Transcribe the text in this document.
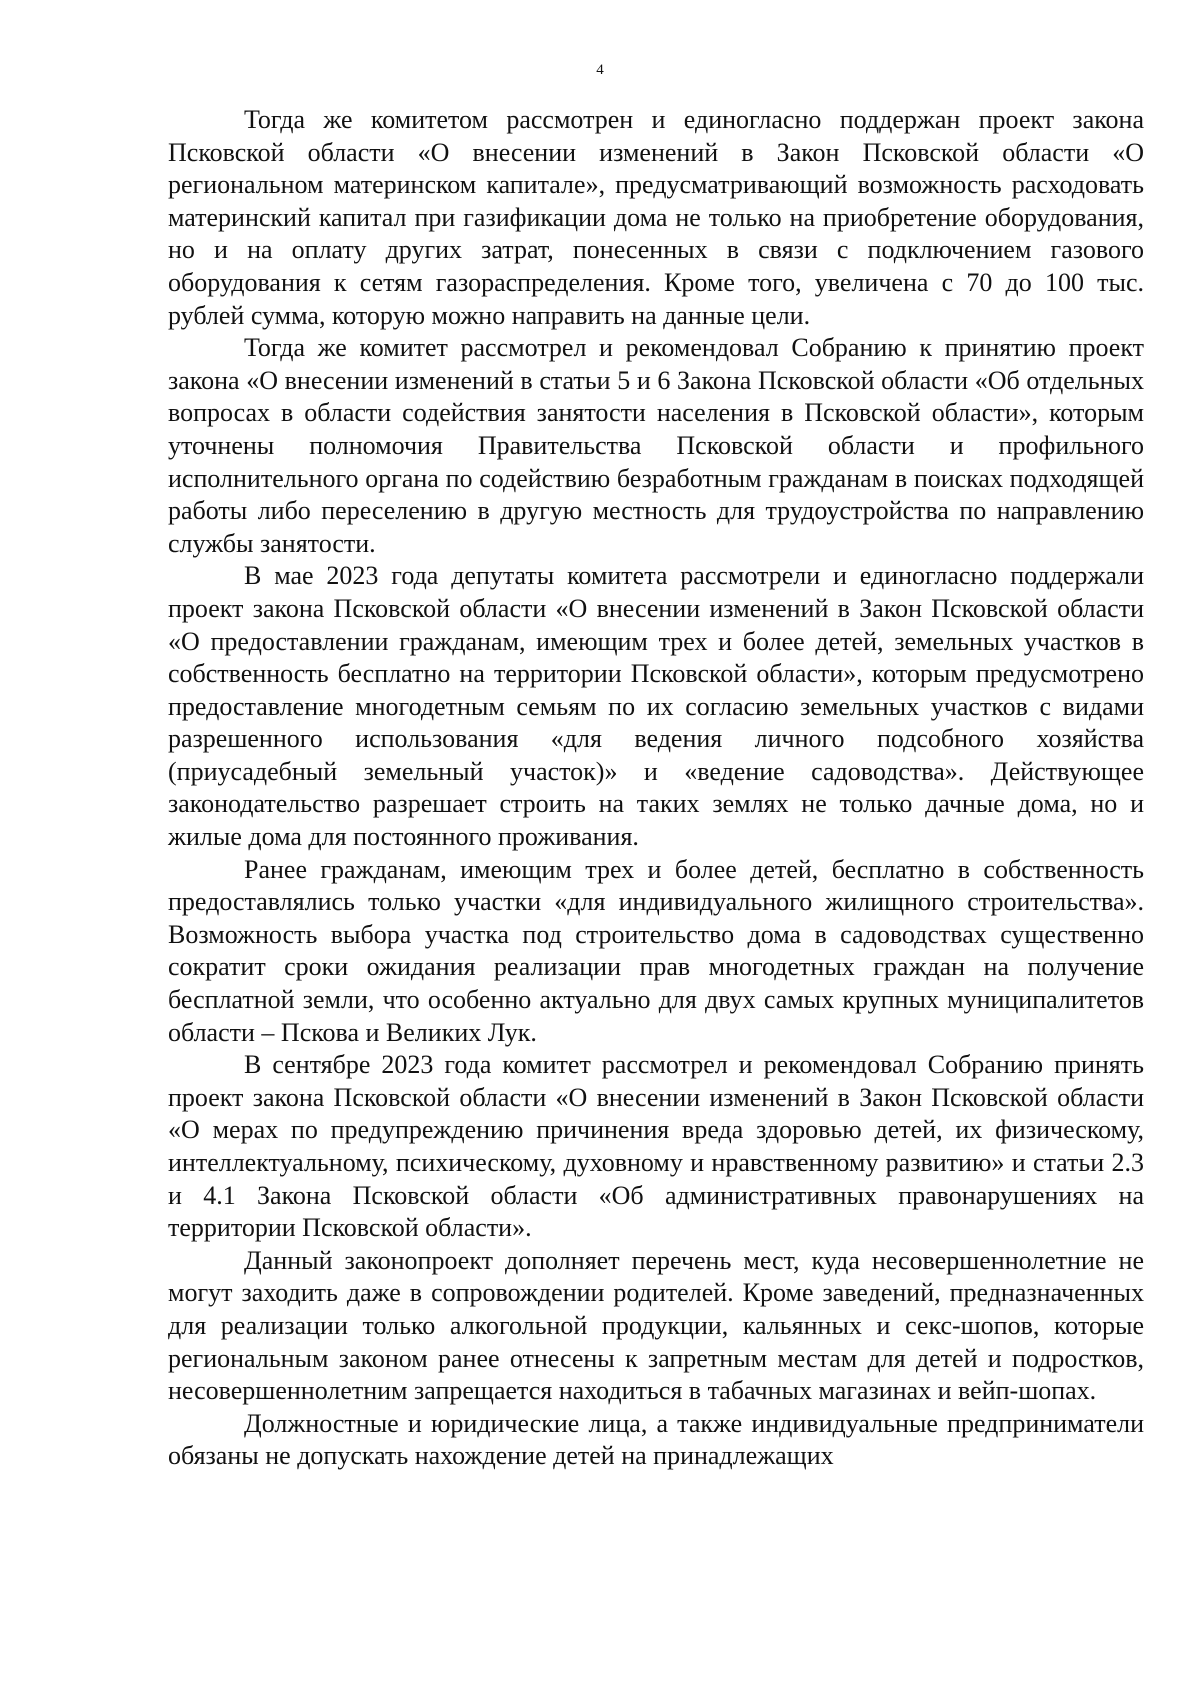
4

Тогда же комитетом рассмотрен и единогласно поддержан проект закона Псковской области «О внесении изменений в Закон Псковской области «О региональном материнском капитале», предусматривающий возможность расходовать материнский капитал при газификации дома не только на приобретение оборудования, но и на оплату других затрат, понесенных в связи с подключением газового оборудования к сетям газораспределения. Кроме того, увеличена с 70 до 100 тыс. рублей сумма, которую можно направить на данные цели.

Тогда же комитет рассмотрел и рекомендовал Собранию к принятию проект закона «О внесении изменений в статьи 5 и 6 Закона Псковской области «Об отдельных вопросах в области содействия занятости населения в Псковской области», которым уточнены полномочия Правительства Псковской области и профильного исполнительного органа по содействию безработным гражданам в поисках подходящей работы либо переселению в другую местность для трудоустройства по направлению службы занятости.

В мае 2023 года депутаты комитета рассмотрели и единогласно поддержали проект закона Псковской области «О внесении изменений в Закон Псковской области «О предоставлении гражданам, имеющим трех и более детей, земельных участков в собственность бесплатно на территории Псковской области», которым предусмотрено предоставление многодетным семьям по их согласию земельных участков с видами разрешенного использования «для ведения личного подсобного хозяйства (приусадебный земельный участок)» и «ведение садоводства». Действующее законодательство разрешает строить на таких землях не только дачные дома, но и жилые дома для постоянного проживания.

Ранее гражданам, имеющим трех и более детей, бесплатно в собственность предоставлялись только участки «для индивидуального жилищного строительства». Возможность выбора участка под строительство дома в садоводствах существенно сократит сроки ожидания реализации прав многодетных граждан на получение бесплатной земли, что особенно актуально для двух самых крупных муниципалитетов области – Пскова и Великих Лук.

В сентябре 2023 года комитет рассмотрел и рекомендовал Собранию принять проект закона Псковской области «О внесении изменений в Закон Псковской области «О мерах по предупреждению причинения вреда здоровью детей, их физическому, интеллектуальному, психическому, духовному и нравственному развитию» и статьи 2.3 и 4.1 Закона Псковской области «Об административных правонарушениях на территории Псковской области».

Данный законопроект дополняет перечень мест, куда несовершеннолетние не могут заходить даже в сопровождении родителей. Кроме заведений, предназначенных для реализации только алкогольной продукции, кальянных и секс-шопов, которые региональным законом ранее отнесены к запретным местам для детей и подростков, несовершеннолетним запрещается находиться в табачных магазинах и вейп-шопах.

Должностные и юридические лица, а также индивидуальные предприниматели обязаны не допускать нахождение детей на принадлежащих
